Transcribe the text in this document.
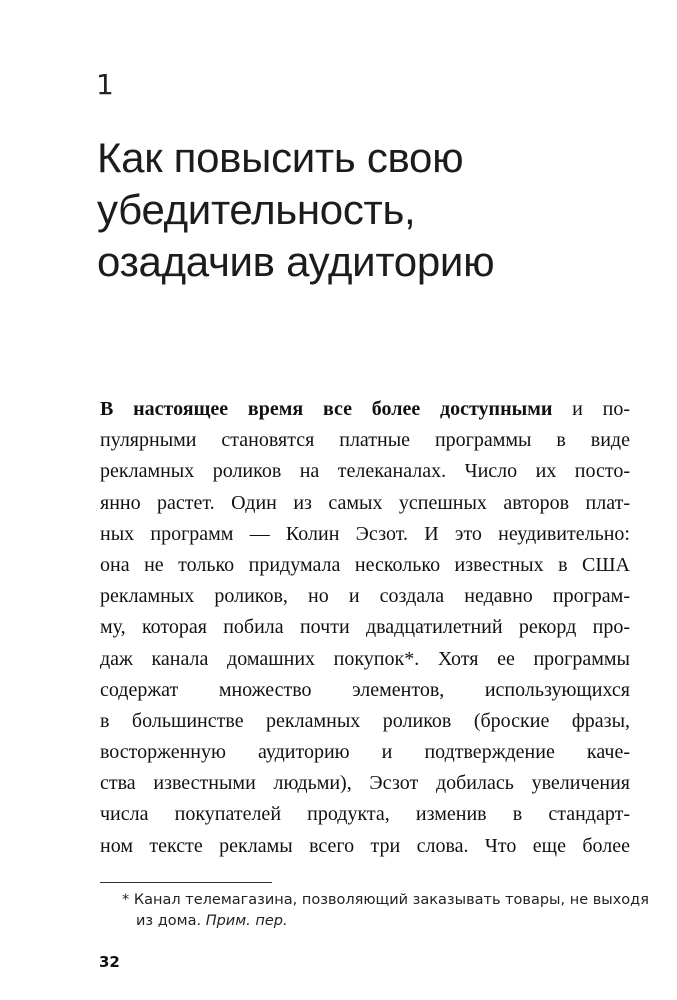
1
Как повысить свою
убедительность,
озадачив аудиторию
В настоящее время все более доступными и по-
пулярными становятся платные программы в виде
рекламных роликов на телеканалах. Число их посто-
янно растет. Один из самых успешных авторов плат-
ных программ — Колин Эсзот. И это неудивительно:
она не только придумала несколько известных в США
рекламных роликов, но и создала недавно програм-
му, которая побила почти двадцатилетний рекорд про-
даж канала домашних покупок*. Хотя ее программы
содержат множество элементов, использующихся
в большинстве рекламных роликов (броские фразы,
восторженную аудиторию и подтверждение каче-
ства известными людьми), Эсзот добилась увеличения
числа покупателей продукта, изменив в стандарт-
ном тексте рекламы всего три слова. Что еще более
* Канал телемагазина, позволяющий заказывать товары, не выходя
из дома. Прим. пер.
32
